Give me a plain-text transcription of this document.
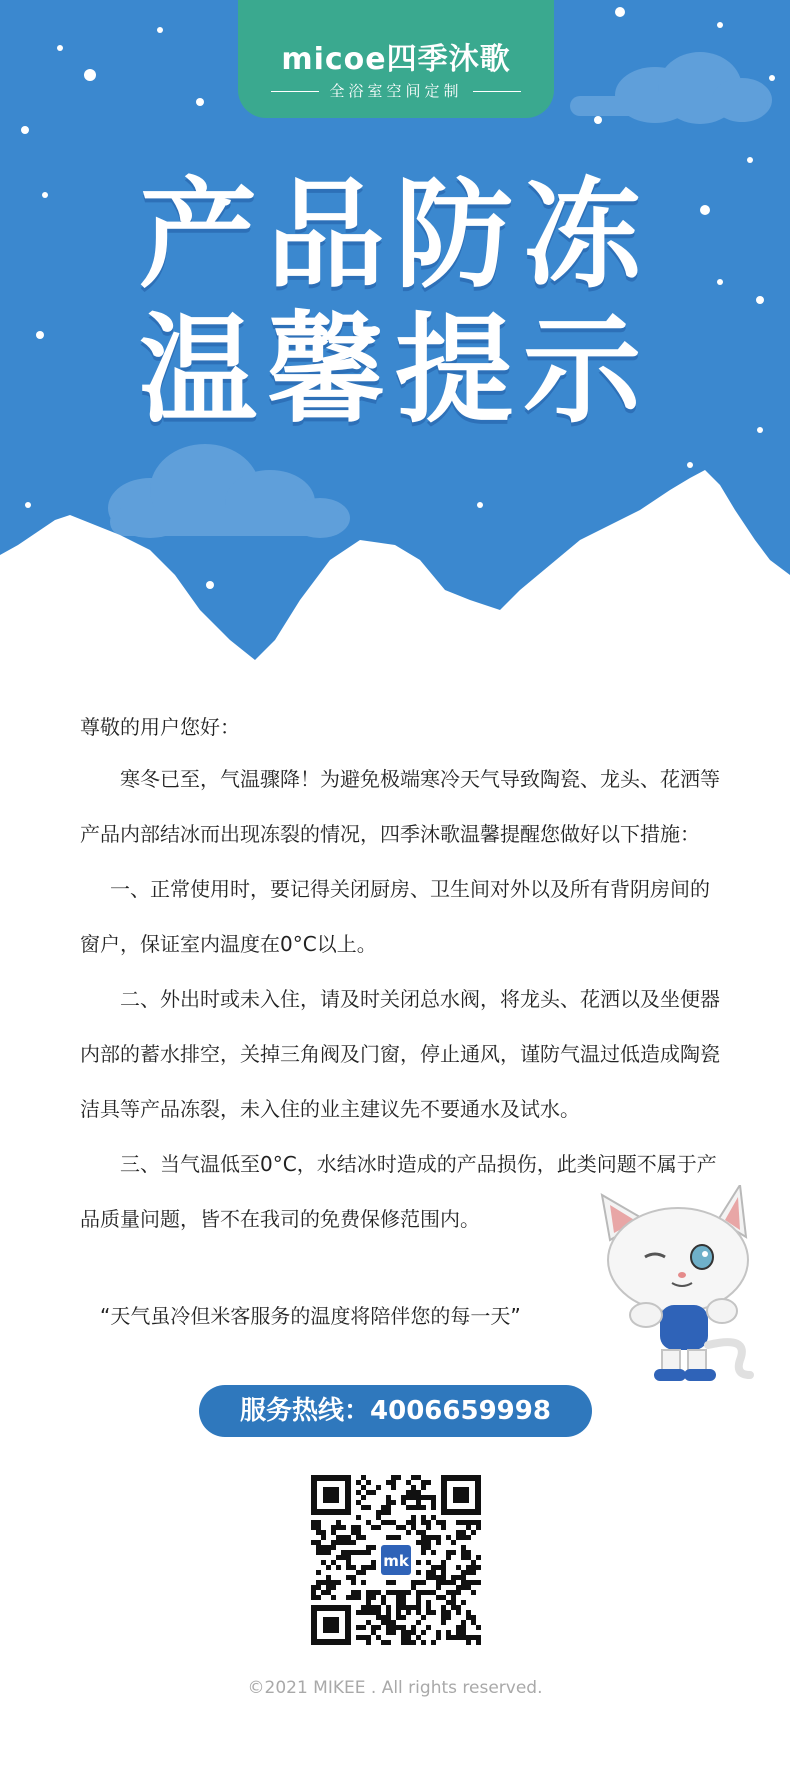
micoe四季沐歌
全浴室空间定制
产品防冻
温馨提示
尊敬的用户您好：
寒冬已至，气温骤降！为避免极端寒冷天气导致陶瓷、龙头、花洒等产品内部结冰而出现冻裂的情况，四季沐歌温馨提醒您做好以下措施：
一、正常使用时，要记得关闭厨房、卫生间对外以及所有背阴房间的窗户，保证室内温度在0°C以上。
二、外出时或未入住，请及时关闭总水阀，将龙头、花洒以及坐便器内部的蓄水排空，关掉三角阀及门窗，停止通风，谨防气温过低造成陶瓷洁具等产品冻裂，未入住的业主建议先不要通水及试水。
三、当气温低至0°C，水结冰时造成的产品损伤，此类问题不属于产品质量问题，皆不在我司的免费保修范围内。
“天气虽冷但米客服务的温度将陪伴您的每一天”
服务热线：4006659998
mk
©2021 MIKEE . All rights reserved.
